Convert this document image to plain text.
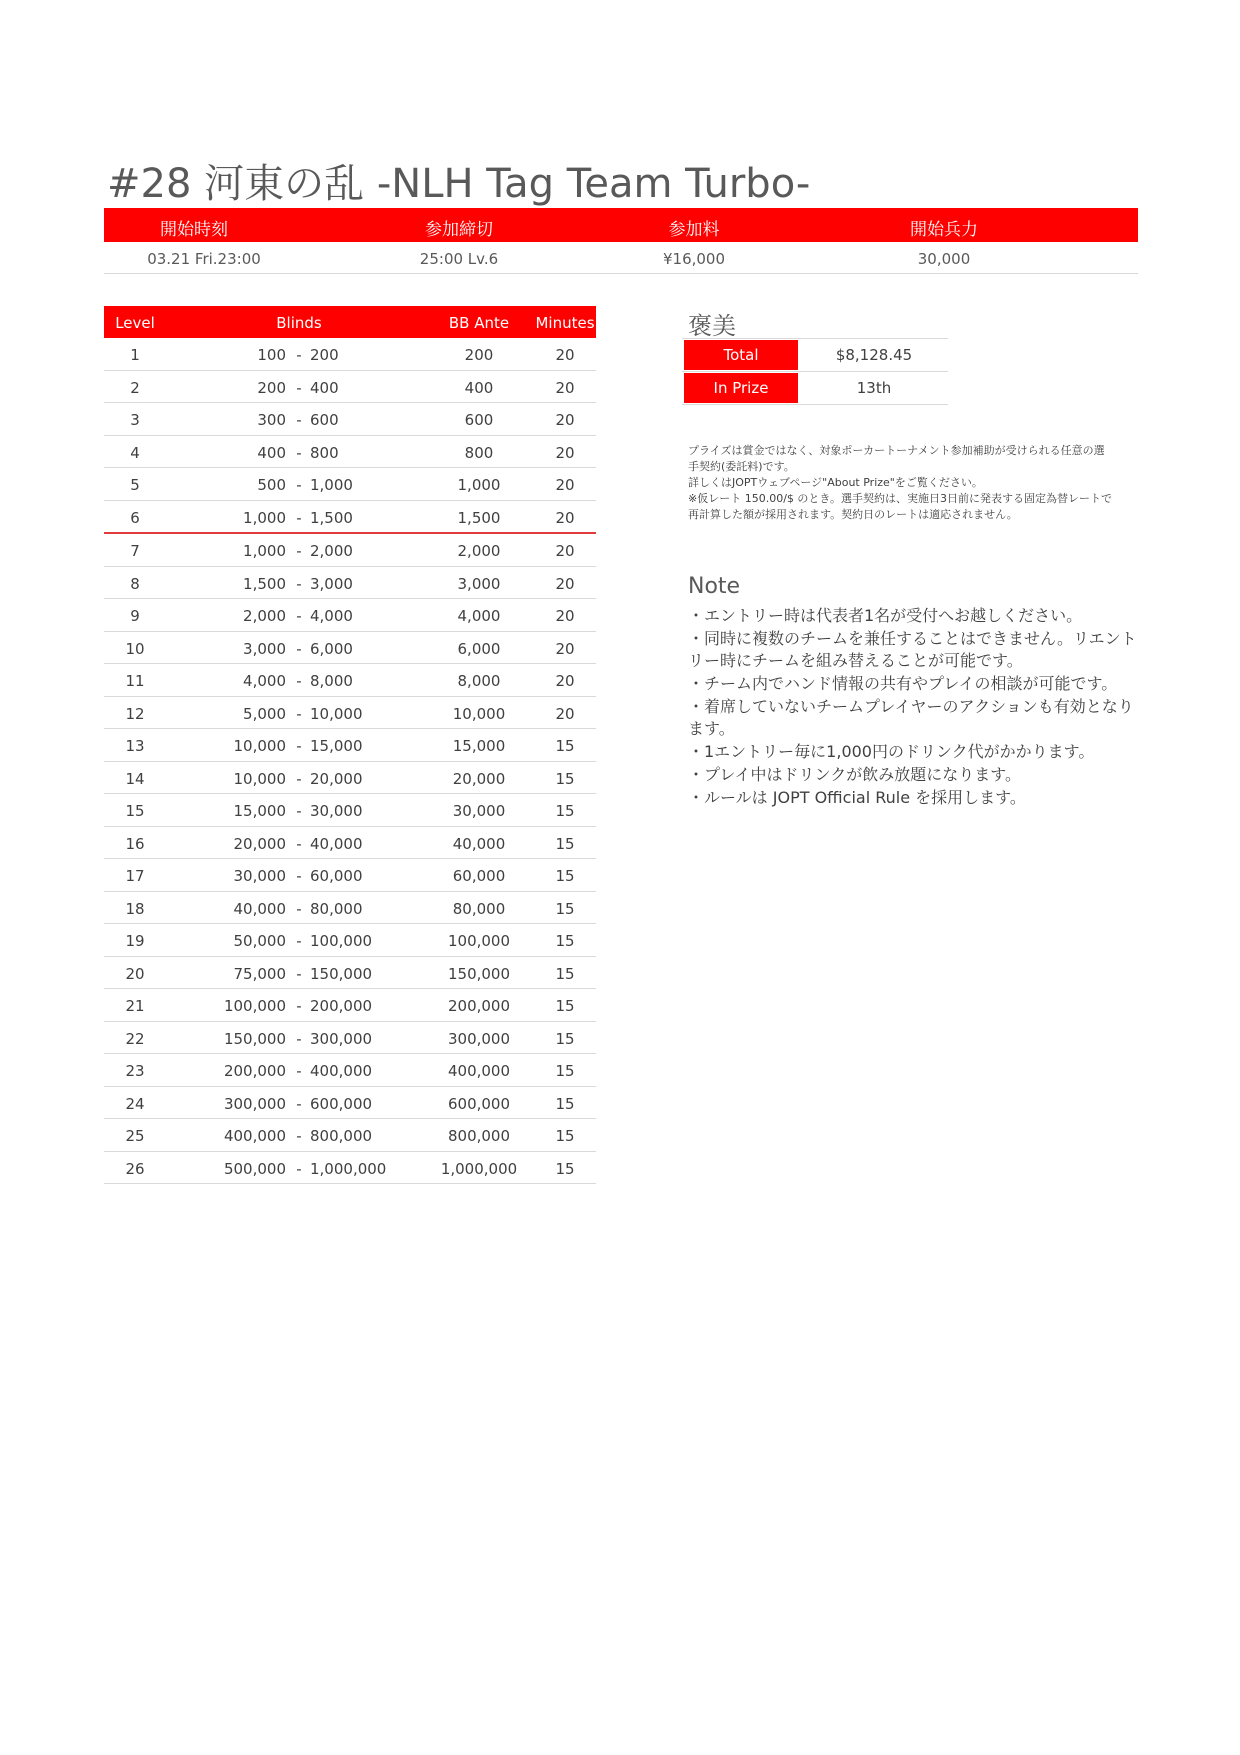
#28 河東の乱 -NLH Tag Team Turbo-
開始時刻	参加締切	参加料	開始兵力
03.21 Fri.23:00	25:00 Lv.6	¥16,000	30,000
Level	Blinds	BB Ante	Minutes
1	100 - 200	200	20
2	200 - 400	400	20
3	300 - 600	600	20
4	400 - 800	800	20
5	500 - 1,000	1,000	20
6	1,000 - 1,500	1,500	20
7	1,000 - 2,000	2,000	20
8	1,500 - 3,000	3,000	20
9	2,000 - 4,000	4,000	20
10	3,000 - 6,000	6,000	20
11	4,000 - 8,000	8,000	20
12	5,000 - 10,000	10,000	20
13	10,000 - 15,000	15,000	15
14	10,000 - 20,000	20,000	15
15	15,000 - 30,000	30,000	15
16	20,000 - 40,000	40,000	15
17	30,000 - 60,000	60,000	15
18	40,000 - 80,000	80,000	15
19	50,000 - 100,000	100,000	15
20	75,000 - 150,000	150,000	15
21	100,000 - 200,000	200,000	15
22	150,000 - 300,000	300,000	15
23	200,000 - 400,000	400,000	15
24	300,000 - 600,000	600,000	15
25	400,000 - 800,000	800,000	15
26	500,000 - 1,000,000	1,000,000	15
褒美
Total	$8,128.45
In Prize	13th
プライズは賞金ではなく、対象ポーカートーナメント参加補助が受けられる任意の選
手契約(委託料)です。
詳しくはJOPTウェブページ"About Prize"をご覧ください。
※仮レート 150.00/$ のとき。選手契約は、実施日3日前に発表する固定為替レートで
再計算した額が採用されます。契約日のレートは適応されません。
Note
・エントリー時は代表者1名が受付へお越しください。
・同時に複数のチームを兼任することはできません。リエントリー時にチームを組み替えることが可能です。
・チーム内でハンド情報の共有やプレイの相談が可能です。
・着席していないチームプレイヤーのアクションも有効となります。
・1エントリー毎に1,000円のドリンク代がかかります。
・プレイ中はドリンクが飲み放題になります。
・ルールは JOPT Official Rule を採用します。
